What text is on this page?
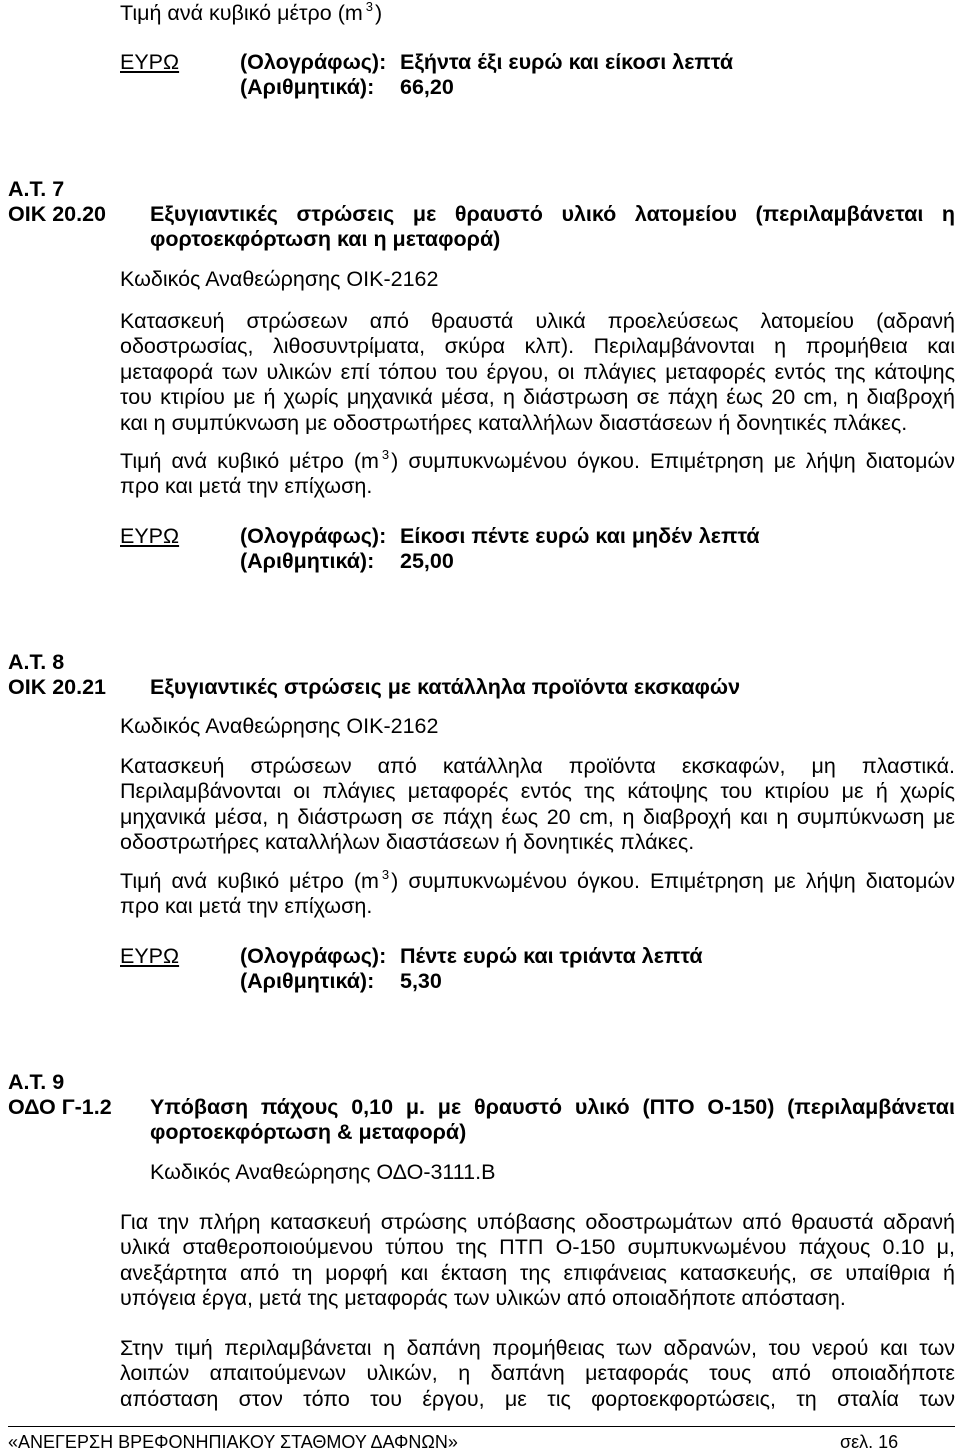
Τιμή ανά κυβικό μέτρο (m $^3$)
ΕΥΡΩ	(Ολογράφως): Εξήντα έξι ευρώ και είκοσι λεπτά
(Αριθμητικά): 66,20
Α.Τ. 7
ΟΙΚ 20.20 Εξυγιαντικές στρώσεις με θραυστό υλικό λατομείου (περιλαμβάνεται η
φορτοεκφόρτωση και η μεταφορά)
Κωδικός Αναθεώρησης ΟΙΚ-2162
Κατασκευή στρώσεων από θραυστά υλικά προελεύσεως λατομείου (αδρανή
οδοστρωσίας, λιθοσυντρίματα, σκύρα κλπ). Περιλαμβάνονται η προμήθεια και
μεταφορά των υλικών επί τόπου του έργου, οι πλάγιες μεταφορές εντός της κάτοψης
του κτιρίου με ή χωρίς μηχανικά μέσα, η διάστρωση σε πάχη έως 20 cm, η διαβροχή
και η συμπύκνωση με οδοστρωτήρες καταλλήλων διαστάσεων ή δονητικές πλάκες.
Τιμή ανά κυβικό μέτρο (m $^3$) συμπυκνωμένου όγκου. Επιμέτρηση με λήψη διατομών
προ και μετά την επίχωση.
ΕΥΡΩ	(Ολογράφως): Είκοσι πέντε ευρώ και μηδέν λεπτά
(Αριθμητικά): 25,00
Α.Τ. 8
ΟΙΚ 20.21 Εξυγιαντικές στρώσεις με κατάλληλα προϊόντα εκσκαφών
Κωδικός Αναθεώρησης ΟΙΚ-2162
Κατασκευή στρώσεων από κατάλληλα προϊόντα εκσκαφών, μη πλαστικά.
Περιλαμβάνονται οι πλάγιες μεταφορές εντός της κάτοψης του κτιρίου με ή χωρίς
μηχανικά μέσα, η διάστρωση σε πάχη έως 20 cm, η διαβροχή και η συμπύκνωση με
οδοστρωτήρες καταλλήλων διαστάσεων ή δονητικές πλάκες.
Τιμή ανά κυβικό μέτρο (m $^3$) συμπυκνωμένου όγκου. Επιμέτρηση με λήψη διατομών
προ και μετά την επίχωση.
ΕΥΡΩ	(Ολογράφως): Πέντε ευρώ και τριάντα λεπτά
(Αριθμητικά): 5,30
Α.Τ. 9
ΟΔΟ Γ-1.2 Υπόβαση πάχους 0,10 μ. με θραυστό υλικό (ΠΤΟ Ο-150) (περιλαμβάνεται
φορτοεκφόρτωση & μεταφορά)
Κωδικός Αναθεώρησης ΟΔΟ-3111.Β
Για την πλήρη κατασκευή στρώσης υπόβασης οδοστρωμάτων από θραυστά αδρανή
υλικά σταθεροποιούμενου τύπου της ΠΤΠ Ο-150 συμπυκνωμένου πάχους 0.10 μ,
ανεξάρτητα από τη μορφή και έκταση της επιφάνειας κατασκευής, σε υπαίθρια ή
υπόγεια έργα, μετά της μεταφοράς των υλικών από οποιαδήποτε απόσταση.
Στην τιμή περιλαμβάνεται η δαπάνη προμήθειας των αδρανών, του νερού και των
λοιπών απαιτούμενων υλικών, η δαπάνη μεταφοράς τους από οποιαδήποτε
απόσταση στον τόπο του έργου, με τις φορτοεκφορτώσεις, τη σταλία των
«ΑΝΕΓΕΡΣΗ ΒΡΕΦΟΝΗΠΙΑΚΟΥ ΣΤΑΘΜΟΥ ΔΑΦΝΩΝ»	σελ. 16
